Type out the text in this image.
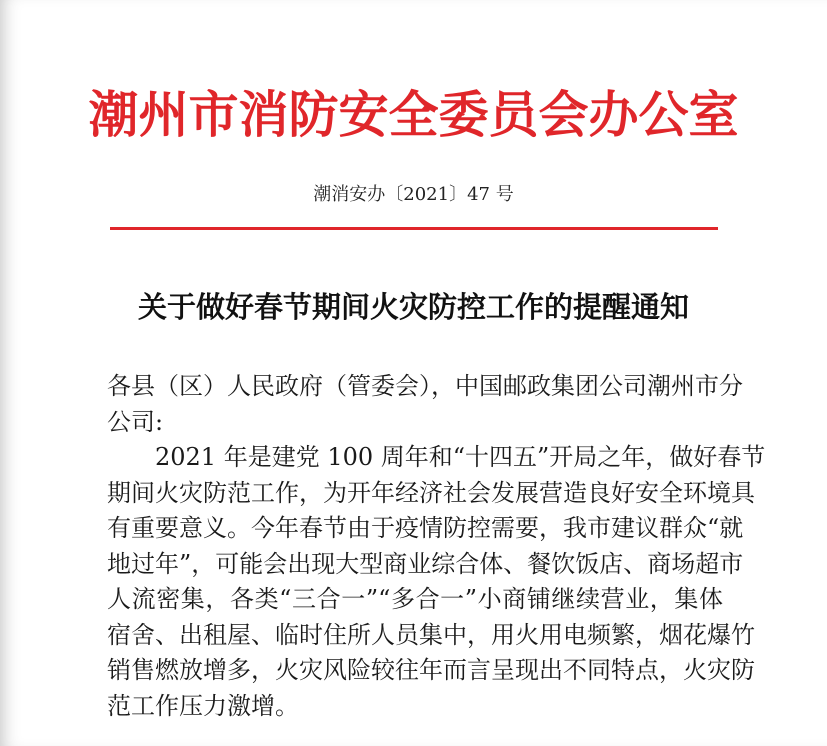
潮州市消防安全委员会办公室
潮消安办〔2021〕47 号
关于做好春节期间火灾防控工作的提醒通知

各县（区）人民政府（管委会），中国邮政集团公司潮州市分
公司:

　　2021 年是建党 100 周年和“十四五”开局之年，做好春节
期间火灾防范工作，为开年经济社会发展营造良好安全环境具
有重要意义。今年春节由于疫情防控需要，我市建议群众“就
地过年”，可能会出现大型商业综合体、餐饮饭店、商场超市
人流密集，各类“三合一”“多合一”小商铺继续营业，集体
宿舍、出租屋、临时住所人员集中，用火用电频繁，烟花爆竹
销售燃放增多，火灾风险较往年而言呈现出不同特点，火灾防
范工作压力激增。
